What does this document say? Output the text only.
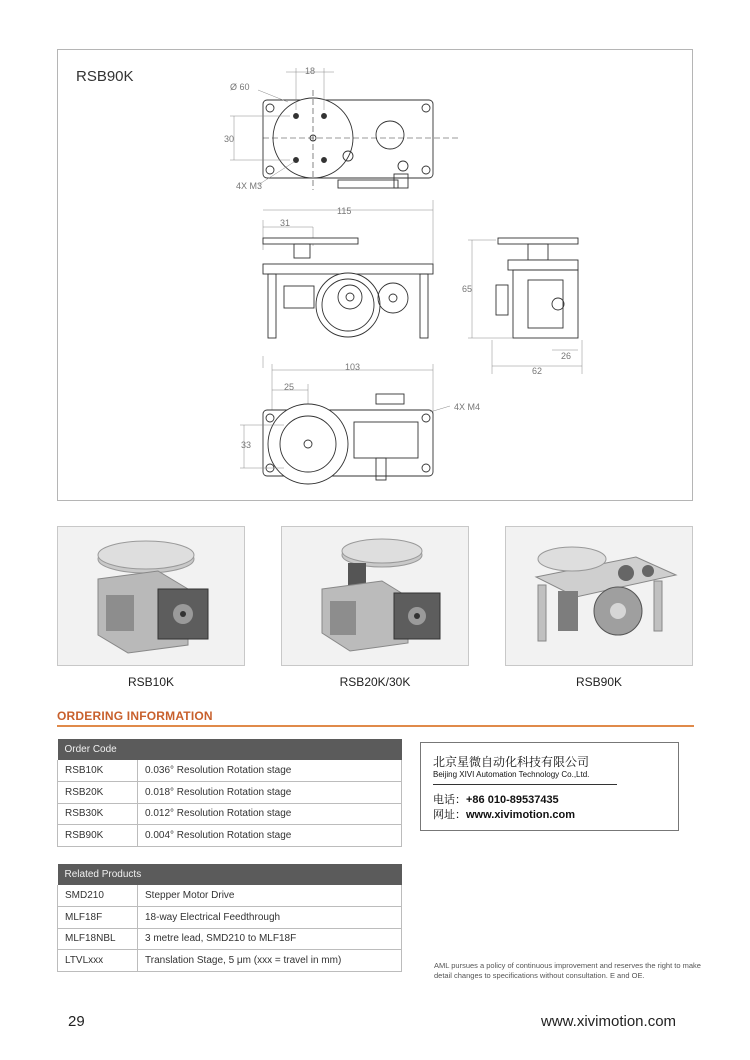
RSB90K
Ø 60
18
30
4X M3
115
31
65
26
62
103
25
4X M4
33
RSB10K	RSB20K/30K	RSB90K
ORDERING INFORMATION
Order Code	
RSB10K	0.036° Resolution Rotation stage
RSB20K	0.018° Resolution Rotation stage
RSB30K	0.012° Resolution Rotation stage
RSB90K	0.004° Resolution Rotation stage
Related Products	
SMD210	Stepper Motor Drive
MLF18F	18-way Electrical Feedthrough
MLF18NBL	3 metre lead, SMD210 to MLF18F
LTVLxxx	Translation Stage, 5 μm (xxx = travel in mm)
北京星微自动化科技有限公司
Beijing XIVI Automation Technology Co.,Ltd.
电话：+86 010-89537435
网址：www.xivimotion.com
AML pursues a policy of continuous improvement and reserves the right to make detail changes to specifications without consultation. E and OE.
29	www.xivimotion.com
